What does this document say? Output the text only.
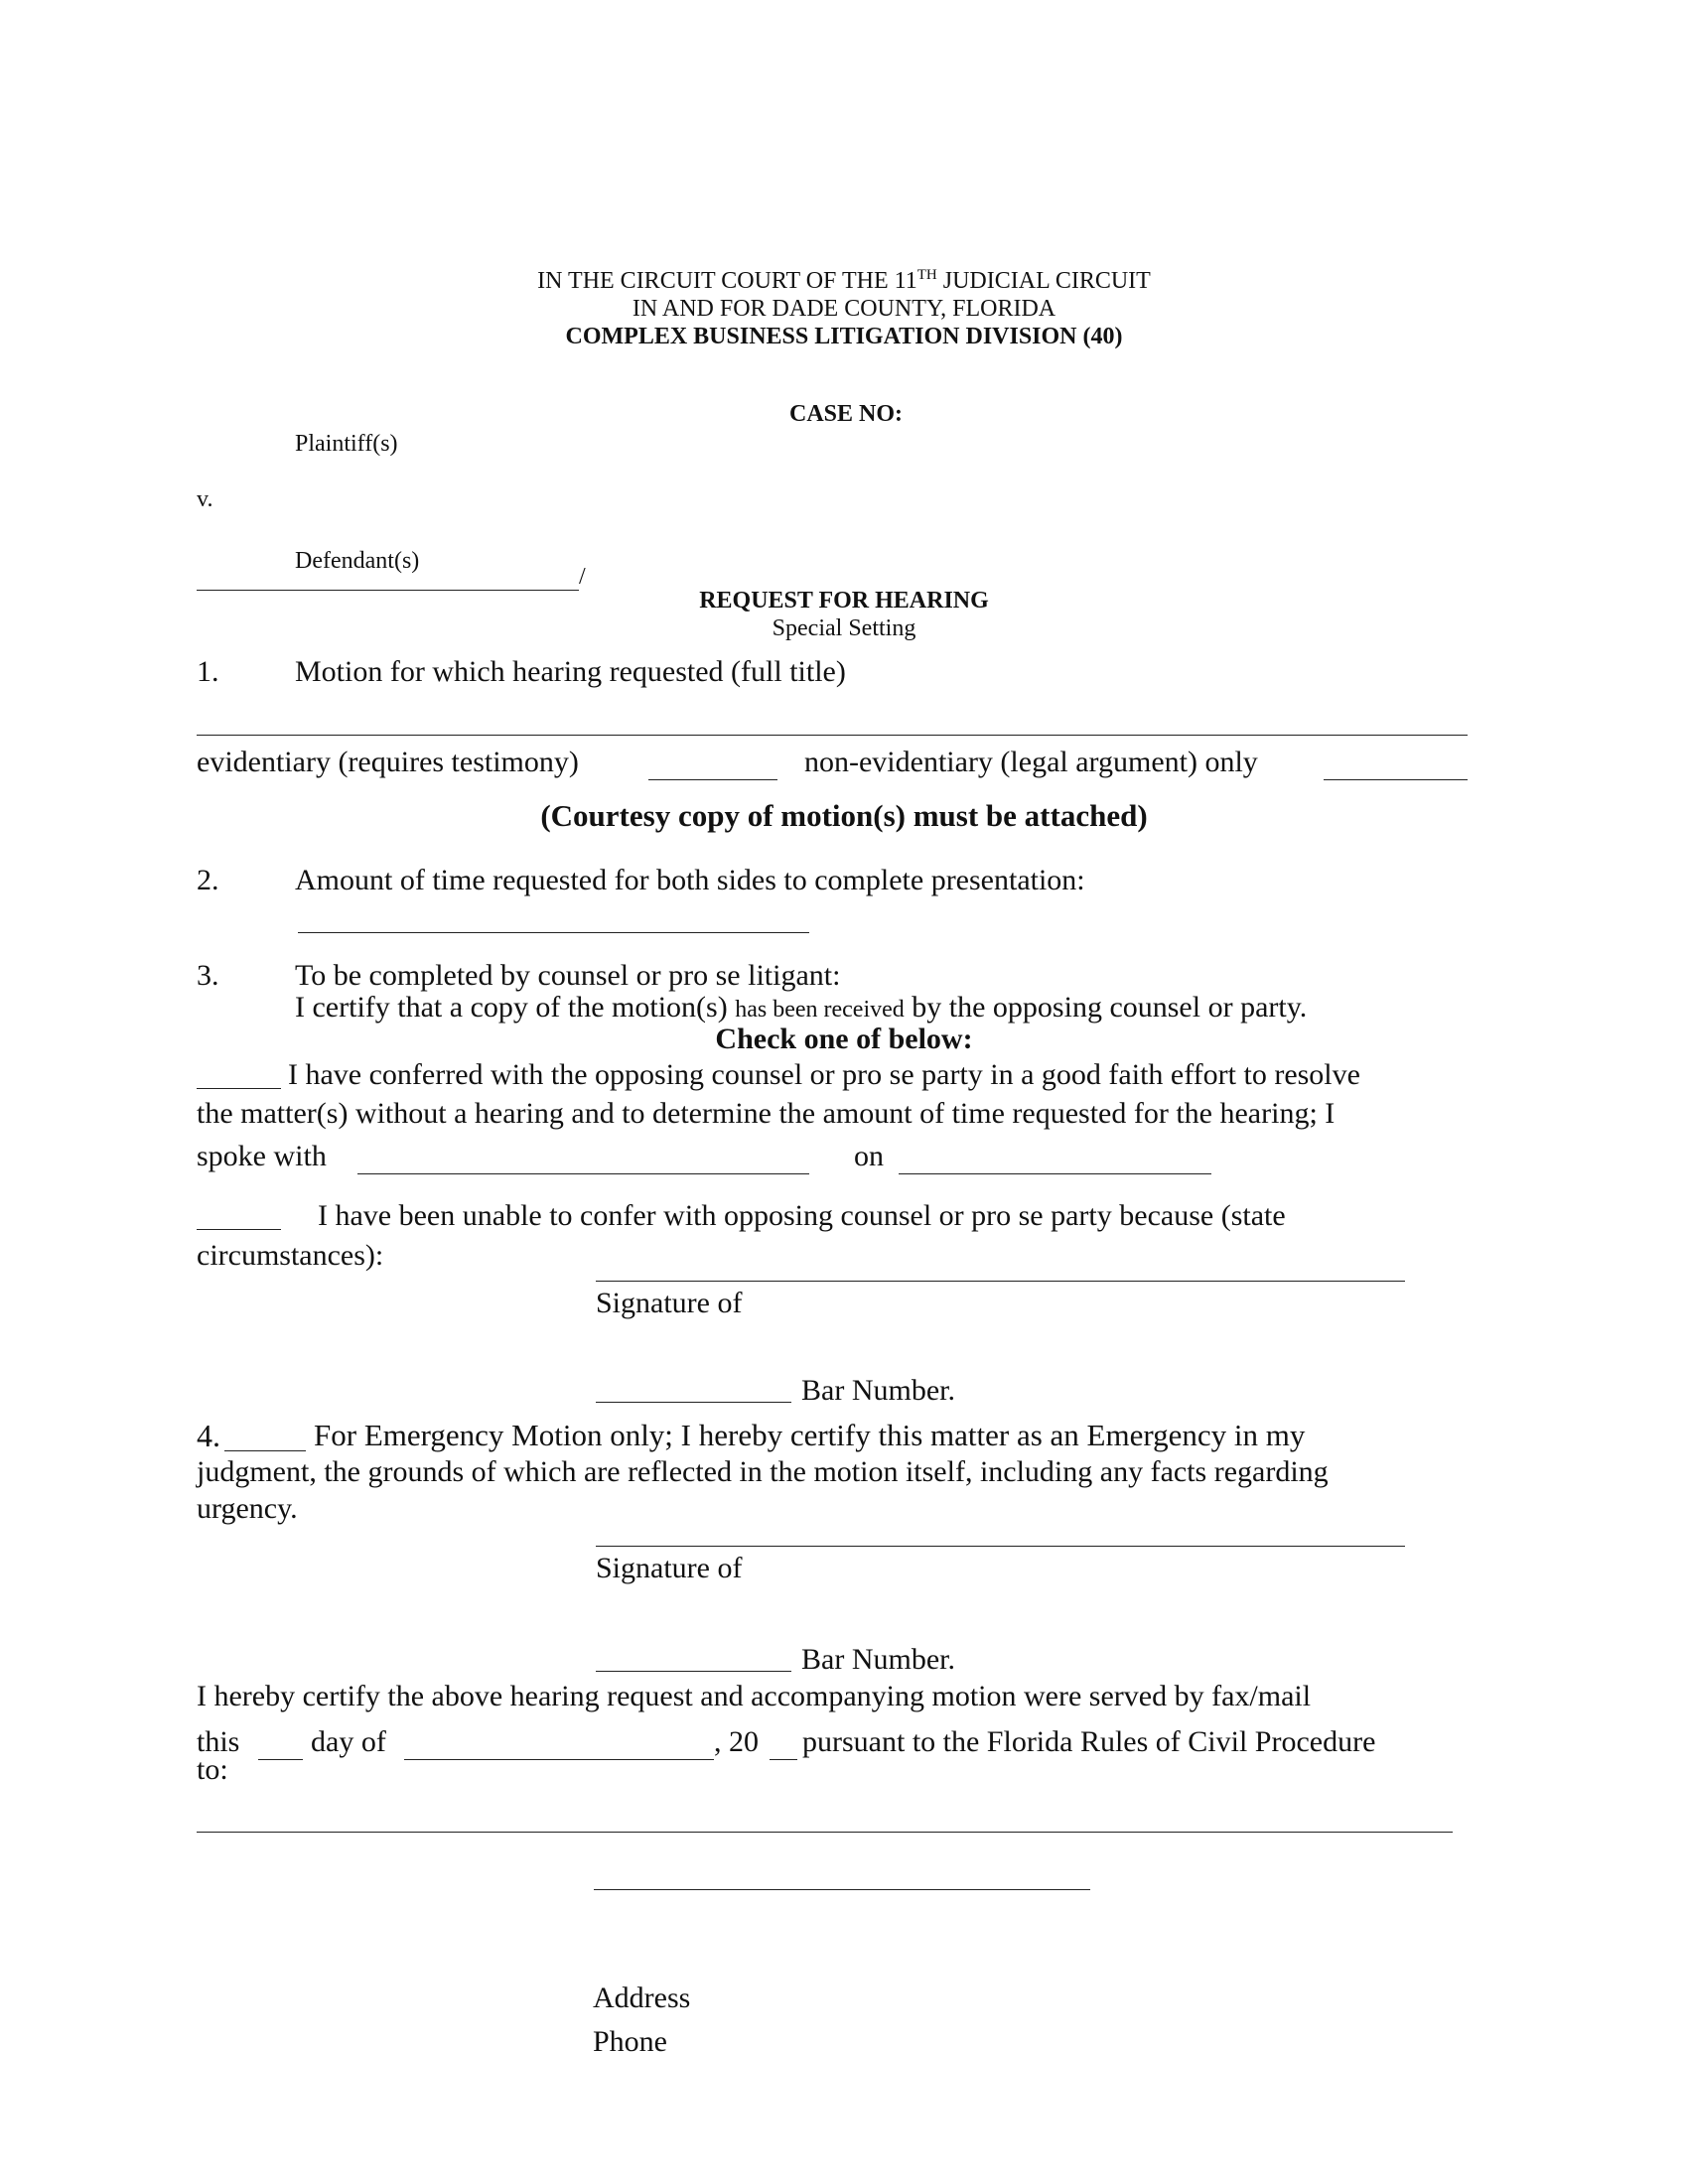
IN THE CIRCUIT COURT OF THE 11TH JUDICIAL CIRCUIT
IN AND FOR DADE COUNTY, FLORIDA
COMPLEX BUSINESS LITIGATION DIVISION (40)
CASE NO:
Plaintiff(s)
v.
Defendant(s)
/
REQUEST FOR HEARING
Special Setting
1.	Motion for which hearing requested (full title)
evidentiary (requires testimony)	non-evidentiary (legal argument) only
(Courtesy copy of motion(s) must be attached)
2.	Amount of time requested for both sides to complete presentation:
3.	To be completed by counsel or pro se litigant:
I certify that a copy of the motion(s) has been received by the opposing counsel or party.
Check one of below:
I have conferred with the opposing counsel or pro se party in a good faith effort to resolve
the matter(s) without a hearing and to determine the amount of time requested for the hearing; I
spoke with	on
I have been unable to confer with opposing counsel or pro se party because (state
circumstances):
Signature of
Bar Number.
4.	For Emergency Motion only; I hereby certify this matter as an Emergency in my
judgment, the grounds of which are reflected in the motion itself, including any facts regarding
urgency.
Signature of
Bar Number.
I hereby certify the above hearing request and accompanying motion were served by fax/mail
this day of	, 20 pursuant to the Florida Rules of Civil Procedure
to:
Address
Phone
